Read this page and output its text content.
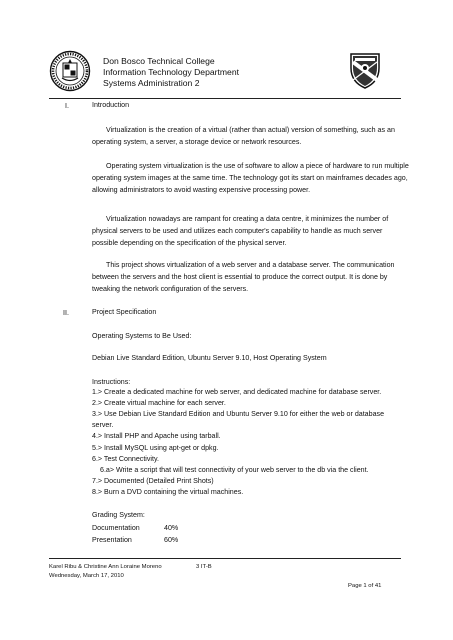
Don Bosco Technical College
Information Technology Department
Systems Administration 2
I.	Introduction
Virtualization is the creation of a virtual (rather than actual) version of something, such as an operating system, a server, a storage device or network resources.
Operating system virtualization is the use of software to allow a piece of hardware to run multiple operating system images at the same time. The technology got its start on mainframes decades ago, allowing administrators to avoid wasting expensive processing power.
Virtualization nowadays are rampant for creating a data centre, it minimizes the number of physical servers to be used and utilizes each computer's capability to handle as much server possible depending on the specification of the physical server.
This project shows virtualization of a web server and a database server. The communication between the servers and the host client is essential to produce the correct output. It is done by tweaking the network configuration of the servers.
II.	Project Specification
Operating Systems to Be Used:
Debian Live Standard Edition, Ubuntu Server 9.10, Host Operating System
Instructions:
1.> Create a dedicated machine for web server, and dedicated machine for database server.
2.> Create virtual machine for each server.
3.> Use Debian Live Standard Edition and Ubuntu Server 9.10 for either the web or database
server.
4.> Install PHP and Apache using tarball.
5.> Install MySQL using apt-get or dpkg.
6.> Test Connectivity.
6.a> Write a script that will test connectivity of your web server to the db via the client.
7.> Documented (Detailed Print Shots)
8.> Burn a DVD containing the virtual machines.
Grading System:
Documentation	40%
Presentation	60%
Karel Ribu & Christine Ann Loraine Moreno	3 IT-B
Wednesday, March 17, 2010
Page 1 of 41
